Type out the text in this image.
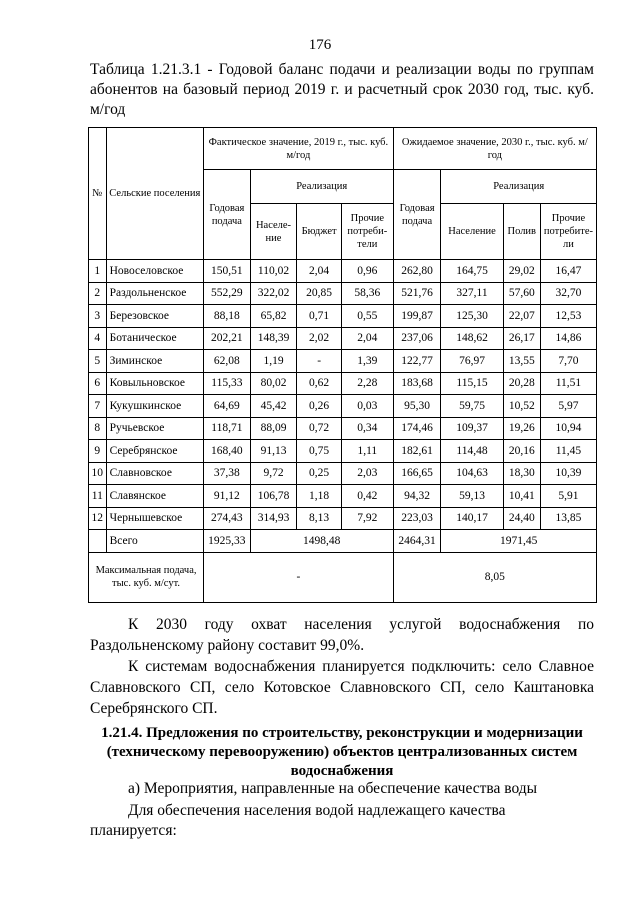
176
Таблица 1.21.3.1 - Годовой баланс подачи и реализации воды по группам абонентов на базовый период 2019 г. и расчетный срок 2030 год, тыс. куб. м/год
№	Сельские поселения	Фактическое значение, 2019 г., тыс. куб. м/год				Ожидаемое значение, 2030 г., тыс. куб. м/год			
		Годовая подача	Реализация			Годовая подача	Реализация		
			Населе-ние	Бюджет	Прочие потреби-тели		Население	Полив	Прочие потребите-ли
1	Новоселовское	150,51	110,02	2,04	0,96	262,80	164,75	29,02	16,47
2	Раздольненское	552,29	322,02	20,85	58,36	521,76	327,11	57,60	32,70
3	Березовское	88,18	65,82	0,71	0,55	199,87	125,30	22,07	12,53
4	Ботаническое	202,21	148,39	2,02	2,04	237,06	148,62	26,17	14,86
5	Зиминское	62,08	1,19	-	1,39	122,77	76,97	13,55	7,70
6	Ковыльновское	115,33	80,02	0,62	2,28	183,68	115,15	20,28	11,51
7	Кукушкинское	64,69	45,42	0,26	0,03	95,30	59,75	10,52	5,97
8	Ручьевское	118,71	88,09	0,72	0,34	174,46	109,37	19,26	10,94
9	Серебрянское	168,40	91,13	0,75	1,11	182,61	114,48	20,16	11,45
10	Славновское	37,38	9,72	0,25	2,03	166,65	104,63	18,30	10,39
11	Славянское	91,12	106,78	1,18	0,42	94,32	59,13	10,41	5,91
12	Чернышевское	274,43	314,93	8,13	7,92	223,03	140,17	24,40	13,85
	Всего	1925,33	1498,48			2464,31	1971,45		
Максимальная подача, тыс. куб. м/сут.		-				8,05			
К 2030 году охват населения услугой водоснабжения по
Раздольненскому району составит 99,0%.

К системам водоснабжения планируется подключить: село Славное Славновского СП, село Котовское Славновского СП, село Каштановка Серебрянского СП.

1.21.4. Предложения по строительству, реконструкции и модернизации (техническому перевооружению) объектов централизованных систем водоснабжения
а) Мероприятия, направленные на обеспечение качества воды
Для обеспечения населения водой надлежащего качества планируется:
